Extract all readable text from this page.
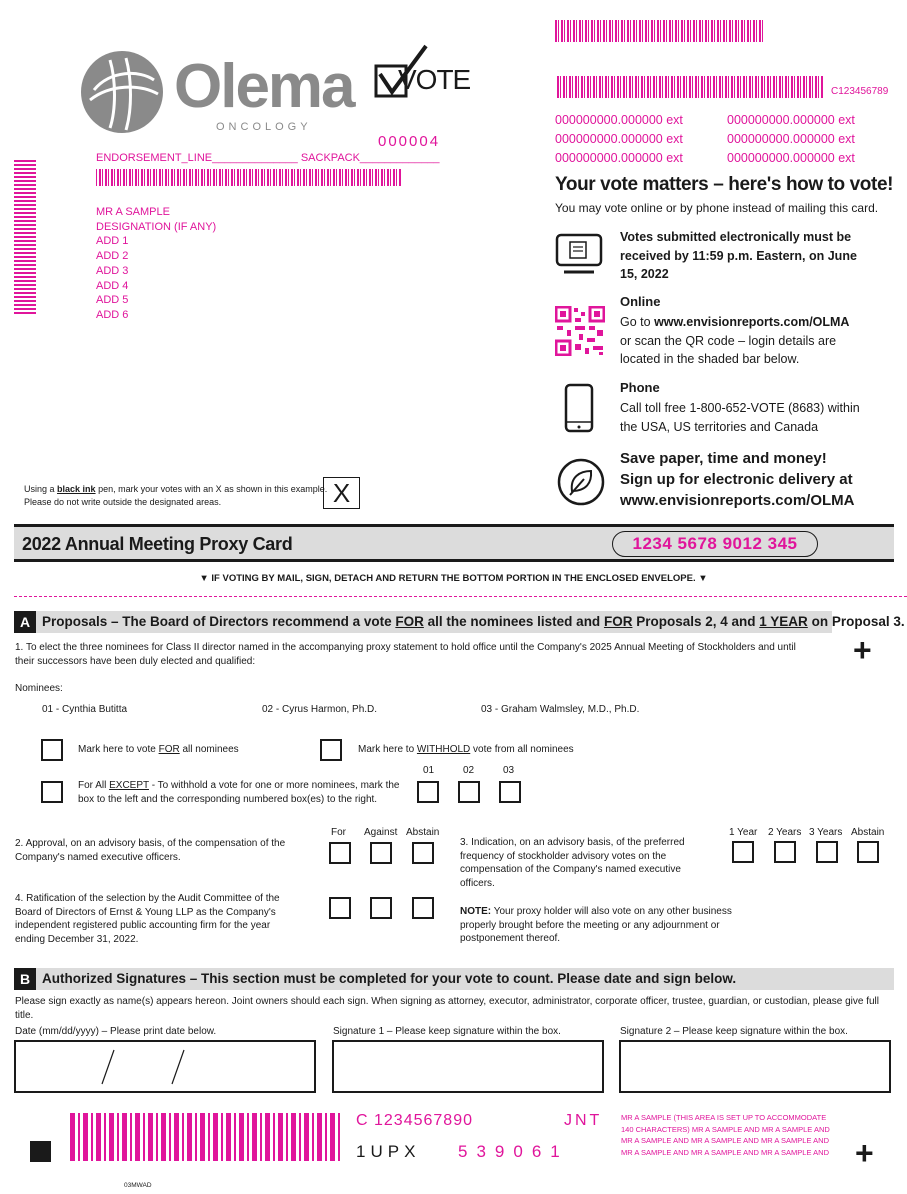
Olema
ONCOLOGY
VOTE
000004
ENDORSEMENT_LINE______________ SACKPACK_____________
MR A SAMPLE
DESIGNATION (IF ANY)
ADD 1
ADD 2
ADD 3
ADD 4
ADD 5
ADD 6
Using a black ink pen, mark your votes with an X as shown in this example.
Please do not write outside the designated areas.	X
C123456789
000000000.000000 ext
000000000.000000 ext
000000000.000000 ext
000000000.000000 ext
000000000.000000 ext
000000000.000000 ext
Your vote matters – here's how to vote!
You may vote online or by phone instead of mailing this card.
Votes submitted electronically must be received by 11:59 p.m. Eastern, on June 15, 2022
Online
Go to www.envisionreports.com/OLMA or scan the QR code – login details are located in the shaded bar below.
Phone
Call toll free 1-800-652-VOTE (8683) within the USA, US territories and Canada
Save paper, time and money!
Sign up for electronic delivery at
www.envisionreports.com/OLMA
2022 Annual Meeting Proxy Card	1234 5678 9012 345
▼ IF VOTING BY MAIL, SIGN, DETACH AND RETURN THE BOTTOM PORTION IN THE ENCLOSED ENVELOPE. ▼
A Proposals – The Board of Directors recommend a vote FOR all the nominees listed and FOR Proposals 2, 4 and 1 YEAR on Proposal 3.
+
1. To elect the three nominees for Class II director named in the accompanying proxy statement to hold office until the Company's 2025 Annual Meeting of Stockholders and until their successors have been duly elected and qualified:
Nominees:
01 - Cynthia Butitta	02 - Cyrus Harmon, Ph.D.	03 - Graham Walmsley, M.D., Ph.D.
Mark here to vote FOR all nominees	Mark here to WITHHOLD vote from all nominees
01	02	03
For All EXCEPT - To withhold a vote for one or more nominees, mark the box to the left and the corresponding numbered box(es) to the right.
For Against Abstain	1 Year 2 Years 3 Years Abstain
2. Approval, on an advisory basis, of the compensation of the Company's named executive officers.
3. Indication, on an advisory basis, of the preferred frequency of stockholder advisory votes on the compensation of the Company's named executive officers.
4. Ratification of the selection by the Audit Committee of the Board of Directors of Ernst & Young LLP as the Company's independent registered public accounting firm for the year ending December 31, 2022.
NOTE: Your proxy holder will also vote on any other business properly brought before the meeting or any adjournment or postponement thereof.
B Authorized Signatures – This section must be completed for your vote to count. Please date and sign below.
Please sign exactly as name(s) appears hereon. Joint owners should each sign. When signing as attorney, executor, administrator, corporate officer, trustee, guardian, or custodian, please give full title.
Date (mm/dd/yyyy) – Please print date below.	Signature 1 – Please keep signature within the box.	Signature 2 – Please keep signature within the box.
C 1234567890	JNT
1UPX 539061
MR A SAMPLE (THIS AREA IS SET UP TO ACCOMMODATE 140 CHARACTERS) MR A SAMPLE AND MR A SAMPLE AND MR A SAMPLE AND MR A SAMPLE AND MR A SAMPLE AND MR A SAMPLE AND MR A SAMPLE AND MR A SAMPLE AND +
03MWAD
